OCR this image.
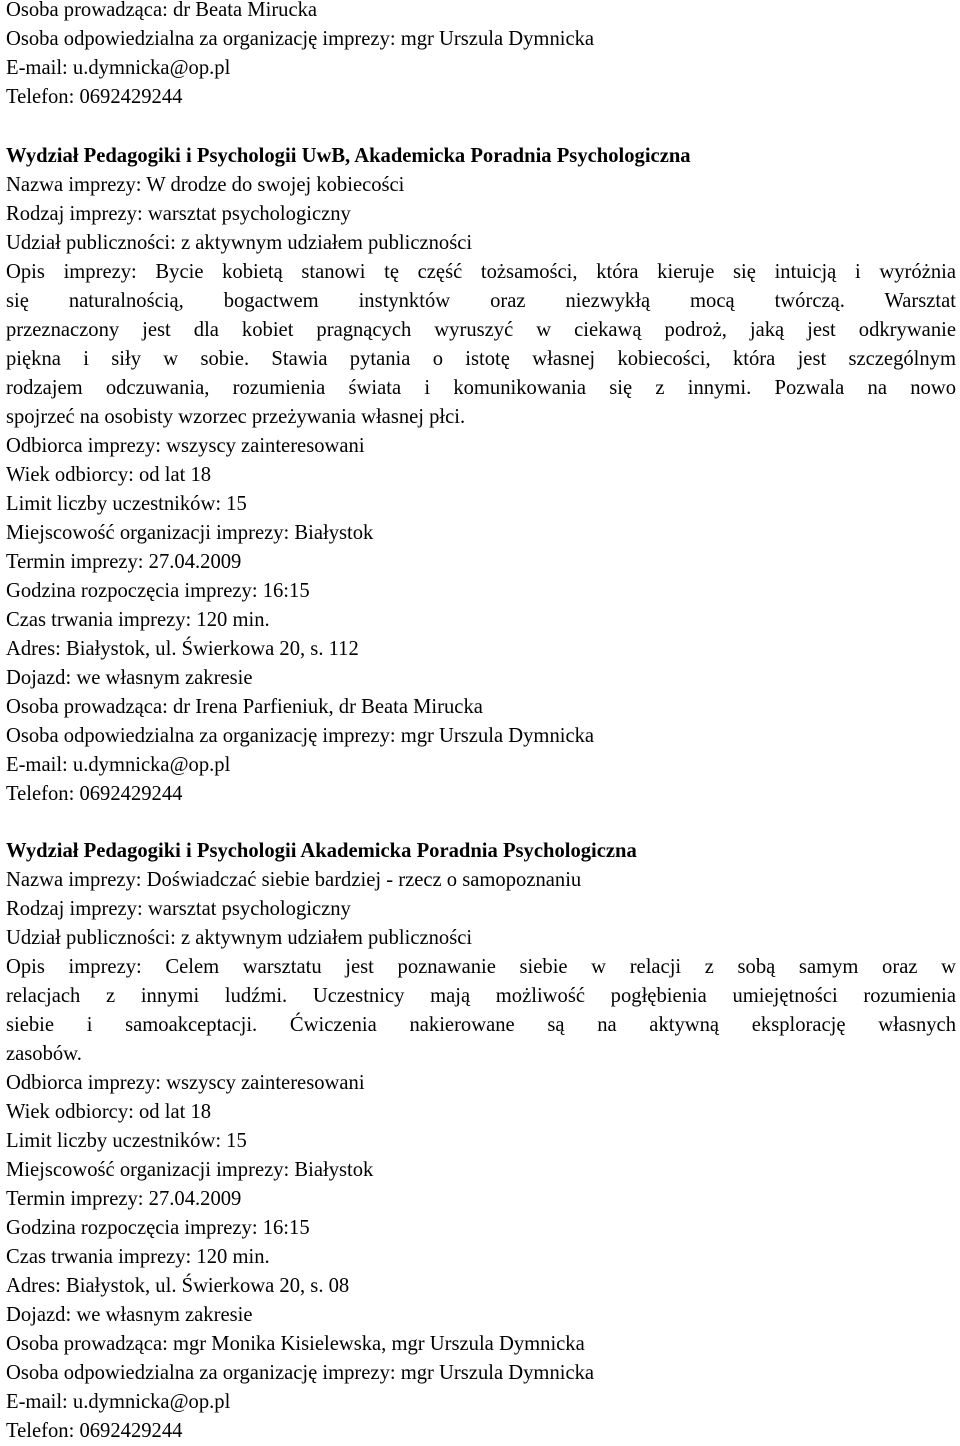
Osoba prowadząca: dr Beata Mirucka

Osoba odpowiedzialna za organizację imprezy: mgr Urszula Dymnicka

E-mail: u.dymnicka@op.pl

Telefon: 0692429244

Wydział Pedagogiki i Psychologii UwB, Akademicka Poradnia Psychologiczna

Nazwa imprezy: W drodze do swojej kobiecości

Rodzaj imprezy: warsztat psychologiczny

Udział publiczności: z aktywnym udziałem publiczności

Opis imprezy: Bycie kobietą stanowi tę część tożsamości, która kieruje się intuicją i wyróżnia
się naturalnością, bogactwem instynktów oraz niezwykłą mocą twórczą. Warsztat
przeznaczony jest dla kobiet pragnących wyruszyć w ciekawą podroż, jaką jest odkrywanie
piękna i siły w sobie. Stawia pytania o istotę własnej kobiecości, która jest szczególnym
rodzajem odczuwania, rozumienia świata i komunikowania się z innymi. Pozwala na nowo
spojrzeć na osobisty wzorzec przeżywania własnej płci.

Odbiorca imprezy: wszyscy zainteresowani

Wiek odbiorcy: od lat 18

Limit liczby uczestników: 15

Miejscowość organizacji imprezy: Białystok

Termin imprezy: 27.04.2009

Godzina rozpoczęcia imprezy: 16:15

Czas trwania imprezy: 120 min.

Adres: Białystok, ul. Świerkowa 20, s. 112

Dojazd: we własnym zakresie

Osoba prowadząca: dr Irena Parfieniuk, dr Beata Mirucka

Osoba odpowiedzialna za organizację imprezy: mgr Urszula Dymnicka

E-mail: u.dymnicka@op.pl

Telefon: 0692429244

Wydział Pedagogiki i Psychologii Akademicka Poradnia Psychologiczna

Nazwa imprezy: Doświadczać siebie bardziej - rzecz o samopoznaniu

Rodzaj imprezy: warsztat psychologiczny

Udział publiczności: z aktywnym udziałem publiczności

Opis imprezy: Celem warsztatu jest poznawanie siebie w relacji z sobą samym oraz w
relacjach z innymi ludźmi. Uczestnicy mają możliwość pogłębienia umiejętności rozumienia
siebie i samoakceptacji. Ćwiczenia nakierowane są na aktywną eksplorację własnych
zasobów.

Odbiorca imprezy: wszyscy zainteresowani

Wiek odbiorcy: od lat 18

Limit liczby uczestników: 15

Miejscowość organizacji imprezy: Białystok

Termin imprezy: 27.04.2009

Godzina rozpoczęcia imprezy: 16:15

Czas trwania imprezy: 120 min.

Adres: Białystok, ul. Świerkowa 20, s. 08

Dojazd: we własnym zakresie

Osoba prowadząca: mgr Monika Kisielewska, mgr Urszula Dymnicka

Osoba odpowiedzialna za organizację imprezy: mgr Urszula Dymnicka

E-mail: u.dymnicka@op.pl

Telefon: 0692429244
